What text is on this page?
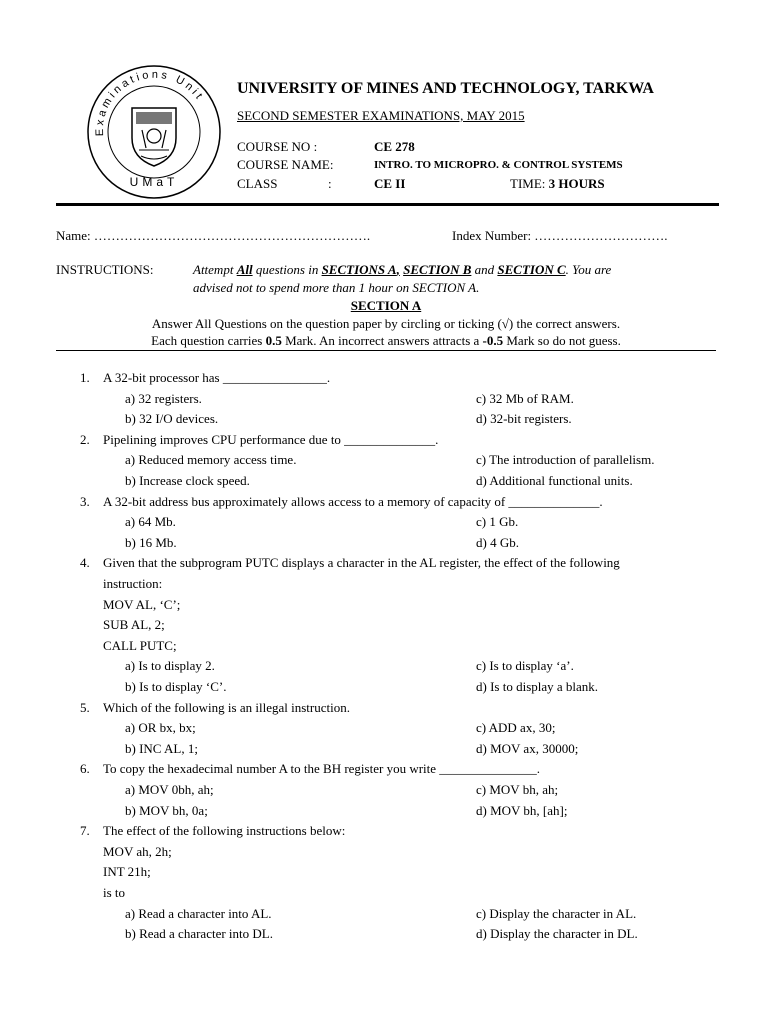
Examinations Unit
UMaT
UNIVERSITY OF MINES AND TECHNOLOGY, TARKWA
SECOND SEMESTER EXAMINATIONS, MAY 2015
COURSE NO :	CE 278
COURSE NAME:	INTRO. TO MICROPRO. & CONTROL SYSTEMS
CLASS	:	CE II	TIME: 3 HOURS
Name: ……………………………………………………….	Index Number: ………………………….
INSTRUCTIONS:	Attempt All questions in SECTIONS A, SECTION B and SECTION C. You are
advised not to spend more than 1 hour on SECTION A.
SECTION A
Answer All Questions on the question paper by circling or ticking (√) the correct answers.
Each question carries 0.5 Mark. An incorrect answers attracts a -0.5 Mark so do not guess.
1. A 32-bit processor has ________________.
a) 32 registers.	c) 32 Mb of RAM.
b) 32 I/O devices.	d) 32-bit registers.
2. Pipelining improves CPU performance due to ______________.
a) Reduced memory access time.	c) The introduction of parallelism.
b) Increase clock speed.	d) Additional functional units.
3. A 32-bit address bus approximately allows access to a memory of capacity of ______________.
a) 64 Mb.	c) 1 Gb.
b) 16 Mb.	d) 4 Gb.
4. Given that the subprogram PUTC displays a character in the AL register, the effect of the following
instruction:
MOV AL, ‘C’;
SUB AL, 2;
CALL PUTC;
a) Is to display 2.	c) Is to display ‘a’.
b) Is to display ‘C’.	d) Is to display a blank.
5. Which of the following is an illegal instruction.
a) OR bx, bx;	c) ADD ax, 30;
b) INC AL, 1;	d) MOV ax, 30000;
6. To copy the hexadecimal number A to the BH register you write _______________.
a) MOV 0bh, ah;	c) MOV bh, ah;
b) MOV bh, 0a;	d) MOV bh, [ah];
7. The effect of the following instructions below:
MOV ah, 2h;
INT 21h;
is to
a) Read a character into AL.	c) Display the character in AL.
b) Read a character into DL.	d) Display the character in DL.
